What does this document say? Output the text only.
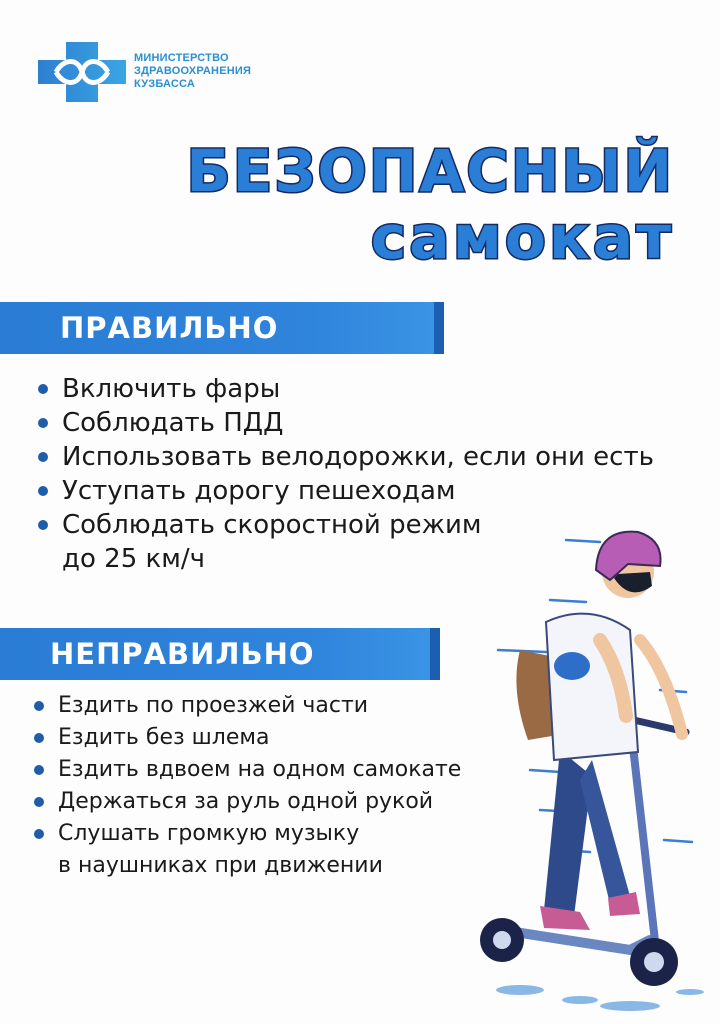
МИНИСТЕРСТВО
ЗДРАВООХРАНЕНИЯ
КУЗБАССА
БЕЗОПАСНЫЙ
самокат
ПРАВИЛЬНО
Включить фары
Соблюдать ПДД
Использовать велодорожки, если они есть
Уступать дорогу пешеходам
Соблюдать скоростной режим
до 25 км/ч
НЕПРАВИЛЬНО
Ездить по проезжей части
Ездить без шлема
Ездить вдвоем на одном самокате
Держаться за руль одной рукой
Слушать громкую музыку
в наушниках при движении
